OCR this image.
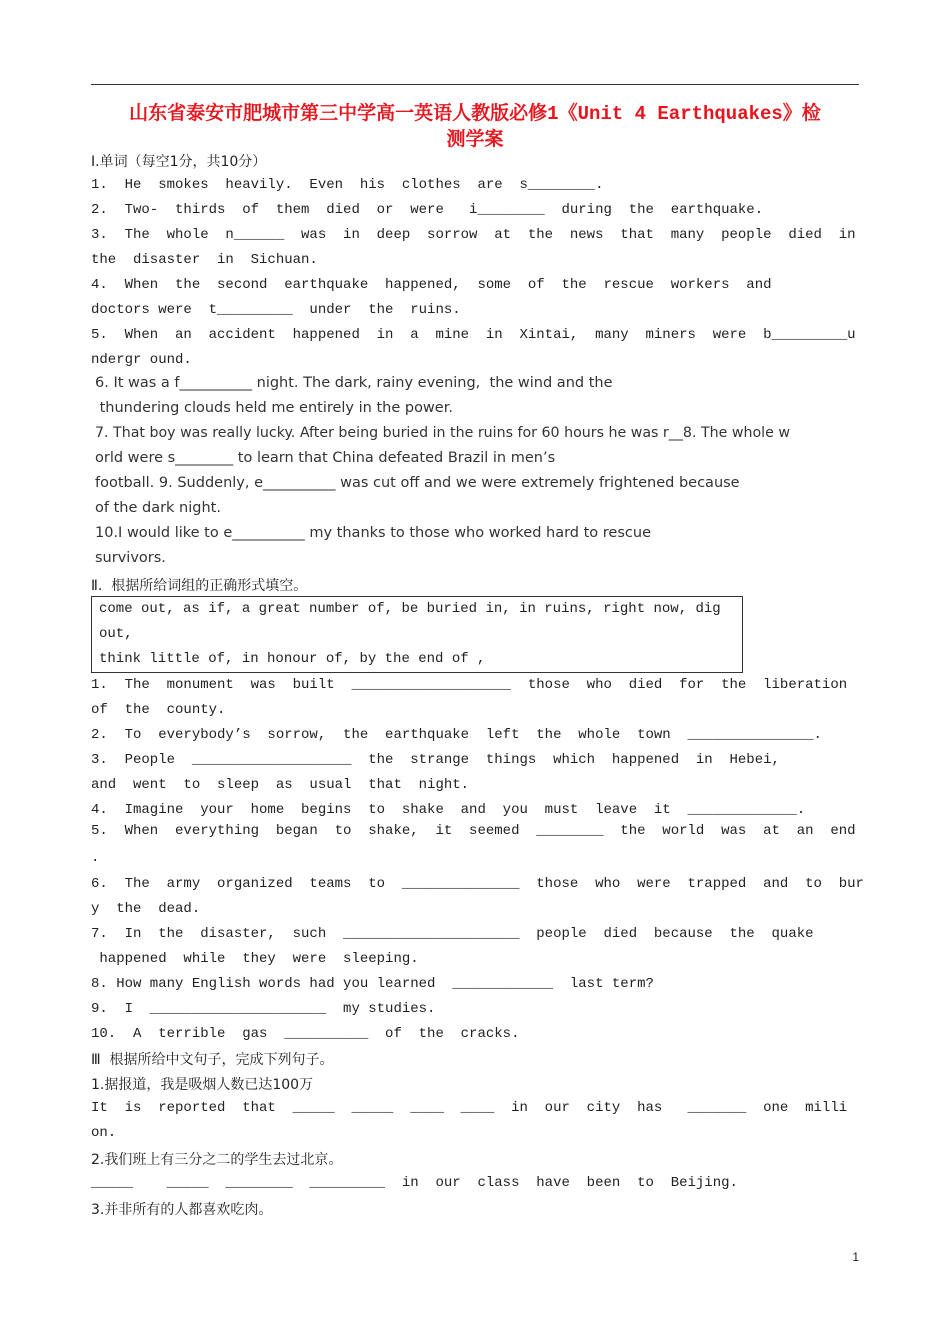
山东省泰安市肥城市第三中学高一英语人教版必修1《Unit 4 Earthquakes》检
测学案
Ⅰ.单词（每空1分，共10分）
1.  He  smokes  heavily.  Even  his  clothes  are  s________.
2.  Two-  thirds  of  them  died  or  were   i________  during  the  earthquake.
3.  The  whole  n______  was  in  deep  sorrow  at  the  news  that  many  people  died  in
the  disaster  in  Sichuan.
4.  When  the  second  earthquake  happened,  some  of  the  rescue  workers  and
doctors were  t_________  under  the  ruins.
5.  When  an  accident  happened  in  a  mine  in  Xintai,  many  miners  were  b_________u
ndergr ound.
6. It was a f__________ night. The dark, rainy evening,  the wind and the
thundering clouds held me entirely in the power.
7. That boy was really lucky. After being buried in the ruins for 60 hours he was r__8. The whole w
orld were s________ to learn that China defeated Brazil in men’s
football. 9. Suddenly, e__________ was cut off and we were extremely frightened because
of the dark night.
10.I would like to e__________ my thanks to those who worked hard to rescue
survivors.
Ⅱ.  根据所给词组的正确形式填空。
come out, as if, a great number of, be buried in, in ruins, right now, dig
out,
think little of, in honour of, by the end of ,
1.  The  monument  was  built  ___________________  those  who  died  for  the  liberation
of  the  county.
2.  To  everybody’s  sorrow,  the  earthquake  left  the  whole  town  _______________.
3.  People  ___________________  the  strange  things  which  happened  in  Hebei,
and  went  to  sleep  as  usual  that  night.
4.  Imagine  your  home  begins  to  shake  and  you  must  leave  it  _____________.
5.  When  everything  began  to  shake,  it  seemed  ________  the  world  was  at  an  end
.
6.  The  army  organized  teams  to  ______________  those  who  were  trapped  and  to  bur
y  the  dead.
7.  In  the  disaster,  such  _____________________  people  died  because  the  quake
happened  while  they  were  sleeping.
8. How many English words had you learned  ____________  last term?
9.  I  _____________________  my studies.
10.  A  terrible  gas  __________  of  the  cracks.
Ⅲ  根据所给中文句子，完成下列句子。
1.据报道，我是吸烟人数已达100万
It  is  reported  that  _____  _____  ____  ____  in  our  city  has   _______  one  milli
on.
2.我们班上有三分之二的学生去过北京。
_____    _____  ________  _________  in  our  class  have  been  to  Beijing.
3.并非所有的人都喜欢吃肉。
1
